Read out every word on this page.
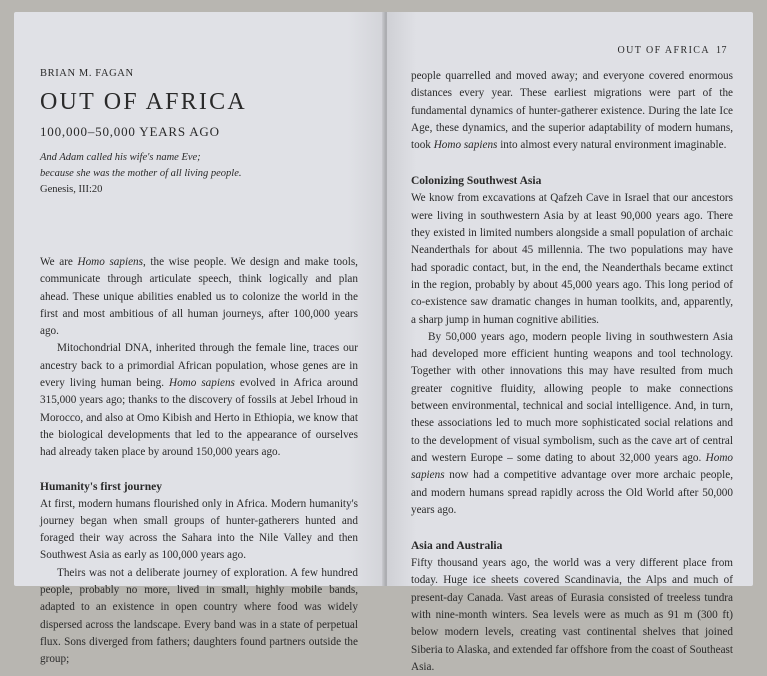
BRIAN M. FAGAN
OUT OF AFRICA
100,000–50,000 YEARS AGO
And Adam called his wife's name Eve;
because she was the mother of all living people.
Genesis, III:20

We are Homo sapiens, the wise people. We design and make tools, communicate through articulate speech, think logically and plan ahead. These unique abilities enabled us to colonize the world in the first and most ambitious of all human journeys, after 100,000 years ago.

Mitochondrial DNA, inherited through the female line, traces our ancestry back to a primordial African population, whose genes are in every living human being. Homo sapiens evolved in Africa around 315,000 years ago; thanks to the discovery of fossils at Jebel Irhoud in Morocco, and also at Omo Kibish and Herto in Ethiopia, we know that the biological developments that led to the appearance of ourselves had already taken place by around 150,000 years ago.

Humanity's first journey

At first, modern humans flourished only in Africa. Modern humanity's journey began when small groups of hunter-gatherers hunted and foraged their way across the Sahara into the Nile Valley and then Southwest Asia as early as 100,000 years ago.

Theirs was not a deliberate journey of exploration. A few hundred people, probably no more, lived in small, highly mobile bands, adapted to an existence in open country where food was widely dispersed across the landscape. Every band was in a state of perpetual flux. Sons diverged from fathers; daughters found partners outside the group;

OUT OF AFRICA 17

people quarrelled and moved away; and everyone covered enormous distances every year. These earliest migrations were part of the fundamental dynamics of hunter-gatherer existence. During the late Ice Age, these dynamics, and the superior adaptability of modern humans, took Homo sapiens into almost every natural environment imaginable.

Colonizing Southwest Asia

We know from excavations at Qafzeh Cave in Israel that our ancestors were living in southwestern Asia by at least 90,000 years ago. There they existed in limited numbers alongside a small population of archaic Neanderthals for about 45 millennia. The two populations may have had sporadic contact, but, in the end, the Neanderthals became extinct in the region, probably by about 45,000 years ago. This long period of co-existence saw dramatic changes in human toolkits, and, apparently, a sharp jump in human cognitive abilities.

By 50,000 years ago, modern people living in southwestern Asia had developed more efficient hunting weapons and tool technology. Together with other innovations this may have resulted from much greater cognitive fluidity, allowing people to make connections between environmental, technical and social intelligence. And, in turn, these associations led to much more sophisticated social relations and to the development of visual symbolism, such as the cave art of central and western Europe – some dating to about 32,000 years ago. Homo sapiens now had a competitive advantage over more archaic people, and modern humans spread rapidly across the Old World after 50,000 years ago.

Asia and Australia

Fifty thousand years ago, the world was a very different place from today. Huge ice sheets covered Scandinavia, the Alps and much of present-day Canada. Vast areas of Eurasia consisted of treeless tundra with nine-month winters. Sea levels were as much as 91 m (300 ft) below modern levels, creating vast continental shelves that joined Siberia to Alaska, and extended far offshore from the coast of Southeast Asia.
